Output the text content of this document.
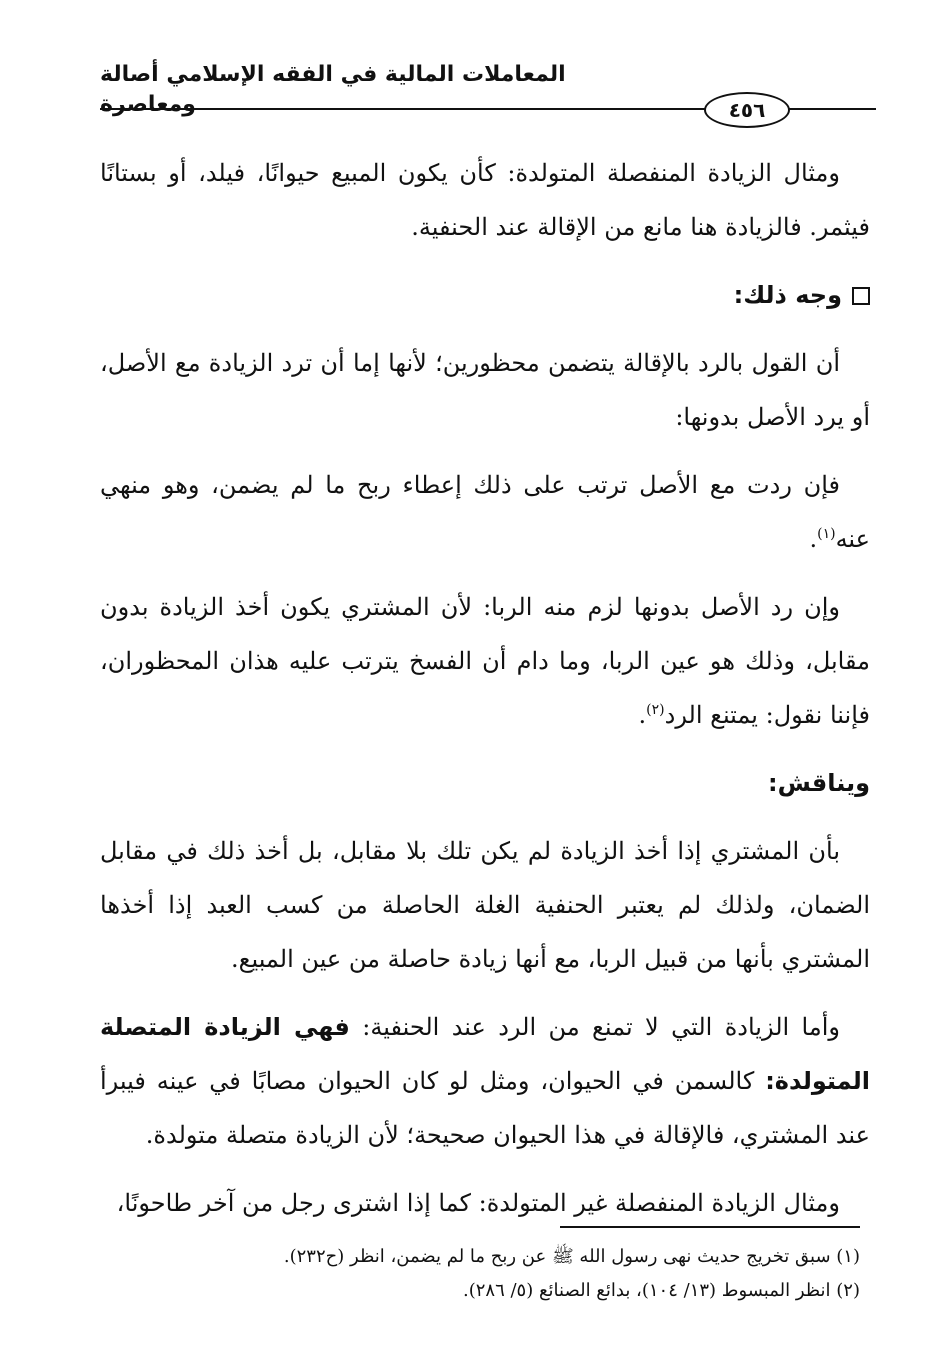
المعاملات المالية في الفقه الإسلامي أصالة ومعاصرة	٤٥٦

ومثال الزيادة المنفصلة المتولدة: كأن يكون المبيع حيوانًا، فيلد، أو بستانًا فيثمر. فالزيادة هنا مانع من الإقالة عند الحنفية.

وجه ذلك:

أن القول بالرد بالإقالة يتضمن محظورين؛ لأنها إما أن ترد الزيادة مع الأصل، أو يرد الأصل بدونها:

فإن ردت مع الأصل ترتب على ذلك إعطاء ربح ما لم يضمن، وهو منهي عنه$^{(١)}$.

وإن رد الأصل بدونها لزم منه الربا: لأن المشتري يكون أخذ الزيادة بدون مقابل، وذلك هو عين الربا، وما دام أن الفسخ يترتب عليه هذان المحظوران، فإننا نقول: يمتنع الرد$^{(٢)}$.

ويناقش:

بأن المشتري إذا أخذ الزيادة لم يكن تلك بلا مقابل، بل أخذ ذلك في مقابل الضمان، ولذلك لم يعتبر الحنفية الغلة الحاصلة من كسب العبد إذا أخذها المشتري بأنها من قبيل الربا، مع أنها زيادة حاصلة من عين المبيع.

وأما الزيادة التي لا تمنع من الرد عند الحنفية: فهي الزيادة المتصلة المتولدة: كالسمن في الحيوان، ومثل لو كان الحيوان مصابًا في عينه فيبرأ عند المشتري، فالإقالة في هذا الحيوان صحيحة؛ لأن الزيادة متصلة متولدة.

ومثال الزيادة المنفصلة غير المتولدة: كما إذا اشترى رجل من آخر طاحونًا،

(١) سبق تخريج حديث نهى رسول الله ﷺ عن ربح ما لم يضمن، انظر (ح٢٣٢).

(٢) انظر المبسوط (١٣/ ١٠٤)، بدائع الصنائع (٥/ ٢٨٦).
